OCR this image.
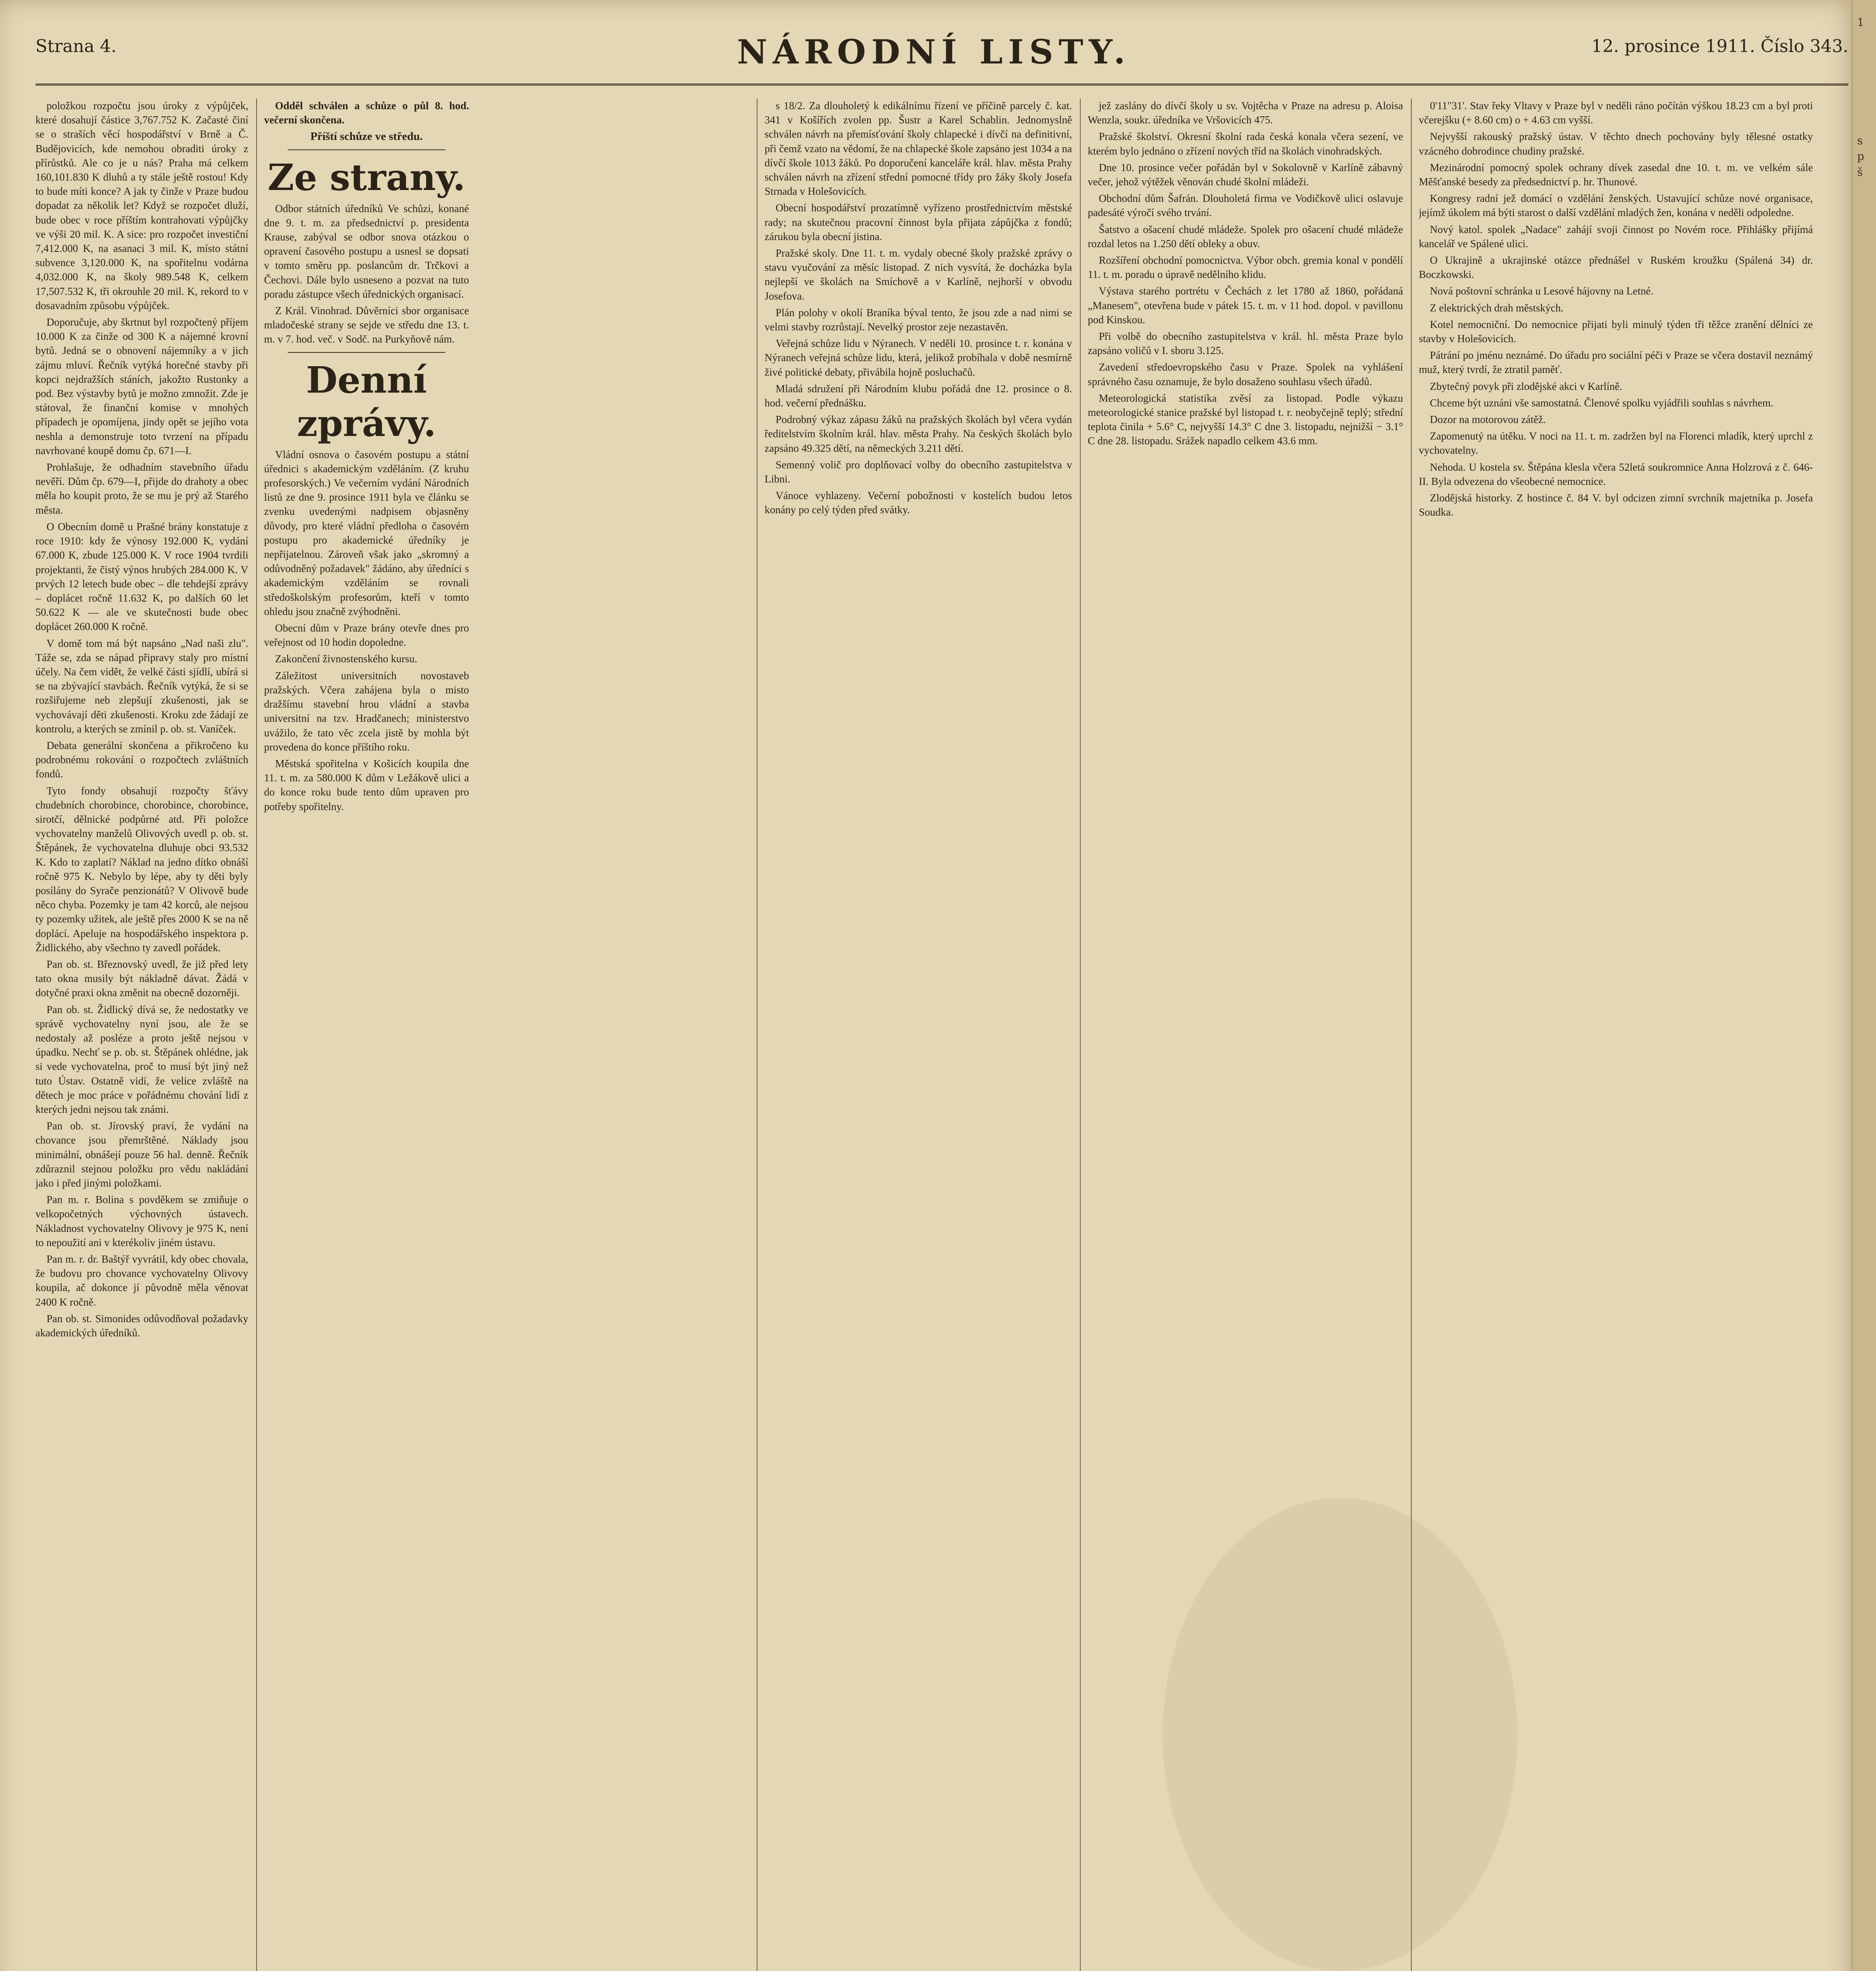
Strana 4.	NÁRODNÍ LISTY.	12. prosince 1911. Číslo 343.

položkou rozpočtu jsou úroky z výpůjček, které dosahují částice 3,767.752 K. Začasté činí se o straších věcí hospodářství v Brně a Č. Budějovicích, kde nemohou obraditi úroky z přírůstků. Ale co je u nás? Praha má celkem 160,101.830 K dluhů a ty stále ještě rostou! Kdy to bude míti konce? A jak ty činže v Praze budou dopadat za několik let? Když se rozpočet dluží, bude obec v roce příštím kontrahovati výpůjčky ve výši 20 mil. K. A sice: pro rozpočet investiční 7,412.000 K, na asanaci 3 mil. K, místo státní subvence 3,120.000 K, na spořitelnu vodárna 4,032.000 K, na školy 989.548 K, celkem 17,507.532 K, tři okrouhle 20 mil. K, rekord to v dosavadním způsobu výpůjček.

Doporučuje, aby škrtnut byl rozpočtený příjem 10.000 K za činže od 300 K a nájemné krovní bytů. Jedná se o obnovení nájemníky a v jich zájmu mluví. Řečník vytýká horečné stavby při kopci nejdražších stáních, jakožto Rustonky a pod. Bez výstavby bytů je možno zmnožit. Zde je státoval, že finanční komise v mnohých případech je opomíjena, jindy opět se jejího vota neshla a demonstruje toto tvrzení na případu navrhované koupě domu čp. 671—I.

Prohlašuje, že odhadním stavebního úřadu nevěří. Dům čp. 679—I, přijde do drahoty a obec měla ho koupit proto, že se mu je prý až Starého města.

O Obecním domě u Prašné brány konstatuje z roce 1910: kdy že výnosy 192.000 K, vydání 67.000 K, zbude 125.000 K. V roce 1904 tvrdili projektanti, že čistý výnos hrubých 284.000 K. V prvých 12 letech bude obec – dle tehdejší zprávy – doplácet ročně 11.632 K, po dalších 60 let 50.622 K — ale ve skutečnosti bude obec doplácet 260.000 K ročně.

V domě tom má být napsáno „Nad naši zlu". Táže se, zda se nápad připravy staly pro místní účely. Na čem vidět, že velké části sjídlí, ubírá si se na zbývající stavbách. Řečník vytýká, že si se rozšiřujeme neb zlepšují zkušenosti, jak se vychovávají děti zkušenosti. Kroku zde žádají ze kontrolu, a kterých se zmínil p. ob. st. Vaníček.

Debata generální skončena a přikročeno ku podrobnému rokování o rozpočtech zvláštních fondů.

Tyto fondy obsahují rozpočty šťávy chudebních chorobince, chorobince, chorobince, sirotčí, dělnické podpůrné atd. Při položce vychovatelny manželů Olivových uvedl p. ob. st. Štěpánek, že vychovatelna dluhuje obci 93.532 K. Kdo to zaplatí? Náklad na jedno dítko obnáší ročně 975 K. Nebylo by lépe, aby ty děti byly posílány do Syrače penzionátů? V Olivově bude něco chyba. Pozemky je tam 42 korců, ale nejsou ty pozemky užitek, ale ještě přes 2000 K se na ně doplácí. Apeluje na hospodářského inspektora p. Židlického, aby všechno ty zavedl pořádek.

Pan ob. st. Březnovský uvedl, že již před lety tato okna musily být nákladně dávat. Žádá v dotyčné praxi okna změnit na obecně dozorněji.

Pan ob. st. Židlický dívá se, že nedostatky ve správě vychovatelny nyní jsou, ale že se nedostaly až posléze a proto ještě nejsou v úpadku. Nechť se p. ob. st. Štěpánek ohlédne, jak si vede vychovatelna, proč to musí být jiný než tuto Ústav. Ostatně vidí, že velice zvláště na dětech je moc práce v pořádnému chování lidí z kterých jedni nejsou tak známi.

Pan ob. st. Jírovský praví, že vydání na chovance jsou přemrštěné. Náklady jsou minimální, obnášejí pouze 56 hal. denně. Řečník zdůraznil stejnou položku pro vědu nakládání jako i před jinými položkami.

Pan m. r. Bolina s povděkem se zmiňuje o velkopočetných výchovných ústavech. Nákladnost vychovatelny Olivovy je 975 K, není to nepoužití ani v kterékoliv jiném ústavu.

Pan m. r. dr. Baštýř vyvrátil, kdy obec chovala, že budovu pro chovance vychovatelny Olivovy koupila, ač dokonce jí původně měla věnovat 2400 K ročně.

Pan ob. st. Simonides odůvodňoval požadavky akademických úředníků.

Odděl schválen a schůze o půl 8. hod. večerní skončena.

Příští schůze ve středu.

Ze strany.

Odbor státních úředníků Ve schůzi, konané dne 9. t. m. za předsednictví p. presidenta Krause, zabýval se odbor snova otázkou o opravení časového postupu a usnesl se dopsati v tomto směru pp. poslancům dr. Trčkovi a Čechovi. Dále bylo usneseno a pozvat na tuto poradu zástupce všech úřednických organisací.

Z Král. Vinohrad. Důvěrníci sbor organisace mladočeské strany se sejde ve středu dne 13. t. m. v 7. hod. več. v Sodč. na Purkyňově nám.

Denní zprávy.

Vládní osnova o časovém postupu a státní úřednici s akademickým vzděláním. (Z kruhu profesorských.) Ve večerním vydání Národních listů ze dne 9. prosince 1911 byla ve článku se zvenku uvedenými nadpisem objasněny důvody, pro které vládní předloha o časovém postupu pro akademické úředníky je nepřijatelnou. Zároveň však jako „skromný a odůvodněný požadavek" žádáno, aby úředníci s akademickým vzděláním se rovnali středoškolským profesorům, kteří v tomto ohledu jsou značně zvýhodněni.

Obecní dům v Praze brány otevře dnes pro veřejnost od 10 hodin dopoledne.

Zakončení živnostenského kursu.

Záležitost universitních novostaveb pražských. Včera zahájena byla o misto dražšímu stavební hrou vládní a stavba universitní na tzv. Hradčanech; ministerstvo uvážilo, že tato věc zcela jistě by mohla být provedena do konce příštího roku.

Městská spořitelna v Košicích koupila dne 11. t. m. za 580.000 K dům v Ležákově ulici a do konce roku bude tento dům upraven pro potřeby spořitelny.

s 18/2. Za dlouholetý k edikálnímu řízení ve příčině parcely č. kat. 341 v Košířích zvolen pp. Šustr a Karel Schablin. Jednomyslně schválen návrh na přemísťování školy chlapecké i dívčí na definitivní, při čemž vzato na vědomí, že na chlapecké škole zapsáno jest 1034 a na dívčí škole 1013 žáků. Po doporučení kanceláře král. hlav. města Prahy schválen návrh na zřízení střední pomocné třídy pro žáky školy Josefa Strnada v Holešovicích.

Obecní hospodářství prozatímně vyřízeno prostřednictvím městské rady; na skutečnou pracovní činnost byla přijata zápůjčka z fondů; zárukou byla obecní jistina.

Pražské skoly. Dne 11. t. m. vydaly obecné školy pražské zprávy o stavu vyučování za měsíc listopad. Z nich vysvítá, že docházka byla nejlepší ve školách na Smíchově a v Karlíně, nejhorší v obvodu Josefova.

Plán polohy v okolí Braníka býval tento, že jsou zde a nad nimi se velmi stavby rozrůstají. Nevelký prostor zeje nezastavěn.

Veřejná schůze lidu v Nýranech. V neděli 10. prosince t. r. konána v Nýranech veřejná schůze lidu, která, jelikož probíhala v době nesmírně živé politické debaty, přivábila hojně posluchačů.

Mladá sdružení při Národním klubu pořádá dne 12. prosince o 8. hod. večerní přednášku.

Podrobný výkaz zápasu žáků na pražských školách byl včera vydán ředitelstvím školním král. hlav. města Prahy. Na českých školách bylo zapsáno 49.325 dětí, na německých 3.211 dětí.

Semenný volič pro doplňovací volby do obecního zastupitelstva v Libni.

Vánoce vyhlazeny. Večerní pobožnosti v kostelích budou letos konány po celý týden před svátky.

jež zaslány do dívčí školy u sv. Vojtěcha v Praze na adresu p. Aloisa Wenzla, soukr. úředníka ve Vršovicích 475.

Pražské školství. Okresní školní rada česká konala včera sezení, ve kterém bylo jednáno o zřízení nových tříd na školách vinohradských.

Dne 10. prosince večer pořádán byl v Sokolovně v Karlíně zábavný večer, jehož výtěžek věnován chudé školní mládeži.

Obchodní dům Šafrán. Dlouholetá firma ve Vodičkově ulici oslavuje padesáté výročí svého trvání.

Šatstvo a ošacení chudé mládeže. Spolek pro ošacení chudé mládeže rozdal letos na 1.250 dětí obleky a obuv.

Rozšíření obchodní pomocnictva. Výbor obch. gremia konal v pondělí 11. t. m. poradu o úpravě nedělního klidu.

Výstava starého portrétu v Čechách z let 1780 až 1860, pořádaná „Manesem", otevřena bude v pátek 15. t. m. v 11 hod. dopol. v pavillonu pod Kinskou.

Při volbě do obecního zastupitelstva v král. hl. města Praze bylo zapsáno voličů v I. sboru 3.125.

Zavedení středoevropského času v Praze. Spolek na vyhlášení správného času oznamuje, že bylo dosaženo souhlasu všech úřadů.

Meteorologická statistika zvěsí za listopad. Podle výkazu meteorologické stanice pražské byl listopad t. r. neobyčejně teplý; střední teplota činila + 5.6° C, nejvyšší 14.3° C dne 3. listopadu, nejnižší − 3.1° C dne 28. listopadu. Srážek napadlo celkem 43.6 mm.

0'11"31'. Stav řeky Vltavy v Praze byl v neděli ráno počítán výškou 18.23 cm a byl proti včerejšku (+ 8.60 cm) o + 4.63 cm vyšší.

Nejvyšší rakouský pražský ústav. V těchto dnech pochovány byly tělesné ostatky vzácného dobrodince chudiny pražské.

Mezinárodní pomocný spolek ochrany dívek zasedal dne 10. t. m. ve velkém sále Měšťanské besedy za předsednictví p. hr. Thunové.

Kongresy radní jež domácí o vzdělání ženských. Ustavující schůze nové organisace, jejímž úkolem má býti starost o další vzdělání mladých žen, konána v neděli odpoledne.

Nový katol. spolek „Nadace" zahájí svoji činnost po Novém roce. Přihlášky přijímá kancelář ve Spálené ulici.

O Ukrajině a ukrajinské otázce přednášel v Ruském kroužku (Spálená 34) dr. Boczkowski.

Nová poštovní schránka u Lesové hájovny na Letné.

Z elektrických drah městských.

Kotel nemocniční. Do nemocnice přijati byli minulý týden tři těžce zranění dělníci ze stavby v Holešovicích.

Pátrání po jménu neznámé. Do úřadu pro sociální péči v Praze se včera dostavil neznámý muž, který tvrdí, že ztratil paměť.

Zbytečný povyk při zlodějské akci v Karlíně.

Chceme být uznáni vše samostatná. Členové spolku vyjádřili souhlas s návrhem.

Dozor na motorovou zátěž.

Zapomenutý na útěku. V noci na 11. t. m. zadržen byl na Florenci mladík, který uprchl z vychovatelny.

Nehoda. U kostela sv. Štěpána klesla včera 52letá soukromnice Anna Holzrová z č. 646-II. Byla odvezena do všeobecné nemocnice.

Zlodějská historky. Z hostince č. 84 V. byl odcizen zimní svrchník majetníka p. Josefa Soudka.

1
s
p
š
